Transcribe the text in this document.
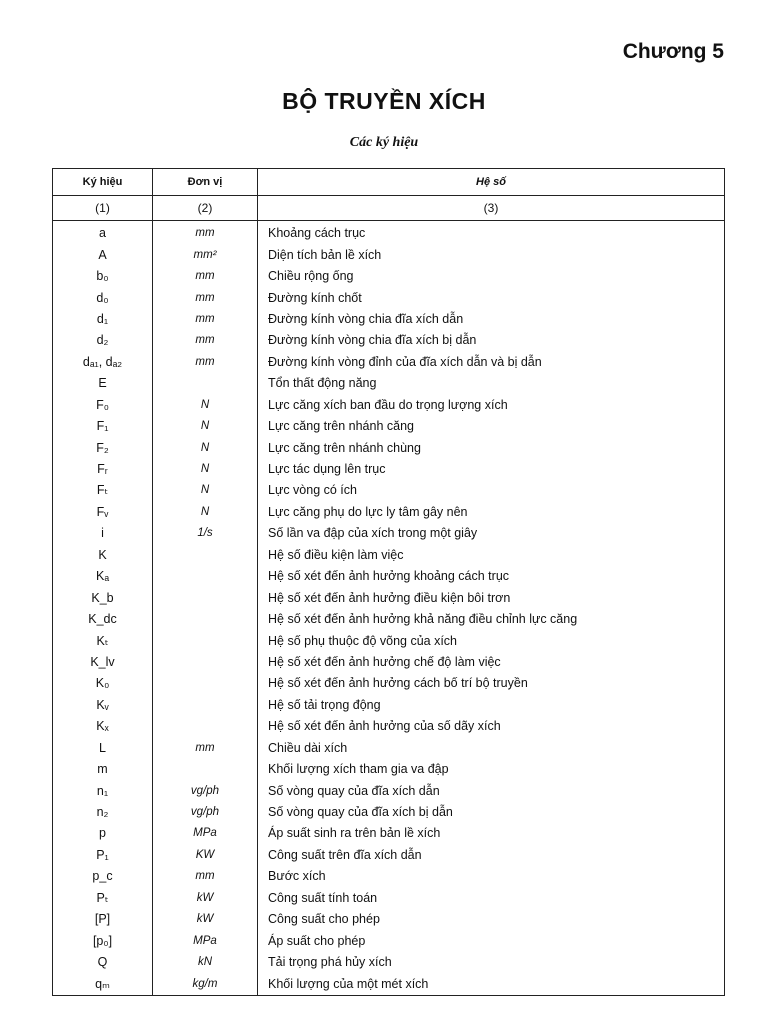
Chương 5
BỘ TRUYỀN XÍCH
Các ký hiệu
Ký hiệu	Đơn vị	Hệ số
(1)	(2)	(3)
a	mm	Khoảng cách trục
A	mm²	Diện tích bản lề xích
b₀	mm	Chiều rộng ống
d₀	mm	Đường kính chốt
d₁	mm	Đường kính vòng chia đĩa xích dẫn
d₂	mm	Đường kính vòng chia đĩa xích bị dẫn
dₐ₁, dₐ₂	mm	Đường kính vòng đỉnh của đĩa xích dẫn và bị dẫn
E		Tổn thất động năng
F₀	N	Lực căng xích ban đầu do trọng lượng xích
F₁	N	Lực căng trên nhánh căng
F₂	N	Lực căng trên nhánh chùng
Fᵣ	N	Lực tác dụng lên trục
Fₜ	N	Lực vòng có ích
Fᵥ	N	Lực căng phụ do lực ly tâm gây nên
i	1/s	Số lần va đập của xích trong một giây
K		Hệ số điều kiện làm việc
Kₐ		Hệ số xét đến ảnh hưởng khoảng cách trục
K_b		Hệ số xét đến ảnh hưởng điều kiện bôi trơn
K_dc		Hệ số xét đến ảnh hưởng khả năng điều chỉnh lực căng
Kₜ		Hệ số phụ thuộc độ võng của xích
K_lv		Hệ số xét đến ảnh hưởng chế độ làm việc
K₀		Hệ số xét đến ảnh hưởng cách bố trí bộ truyền
Kᵥ		Hệ số tải trọng động
Kₓ		Hệ số xét đến ảnh hưởng của số dãy xích
L	mm	Chiều dài xích
m		Khối lượng xích tham gia va đập
n₁	vg/ph	Số vòng quay của đĩa xích dẫn
n₂	vg/ph	Số vòng quay của đĩa xích bị dẫn
p	MPa	Áp suất sinh ra trên bản lề xích
P₁	KW	Công suất trên đĩa xích dẫn
p_c	mm	Bước xích
Pₜ	kW	Công suất tính toán
[P]	kW	Công suất cho phép
[p₀]	MPa	Áp suất cho phép
Q	kN	Tải trọng phá hủy xích
qₘ	kg/m	Khối lượng của một mét xích
